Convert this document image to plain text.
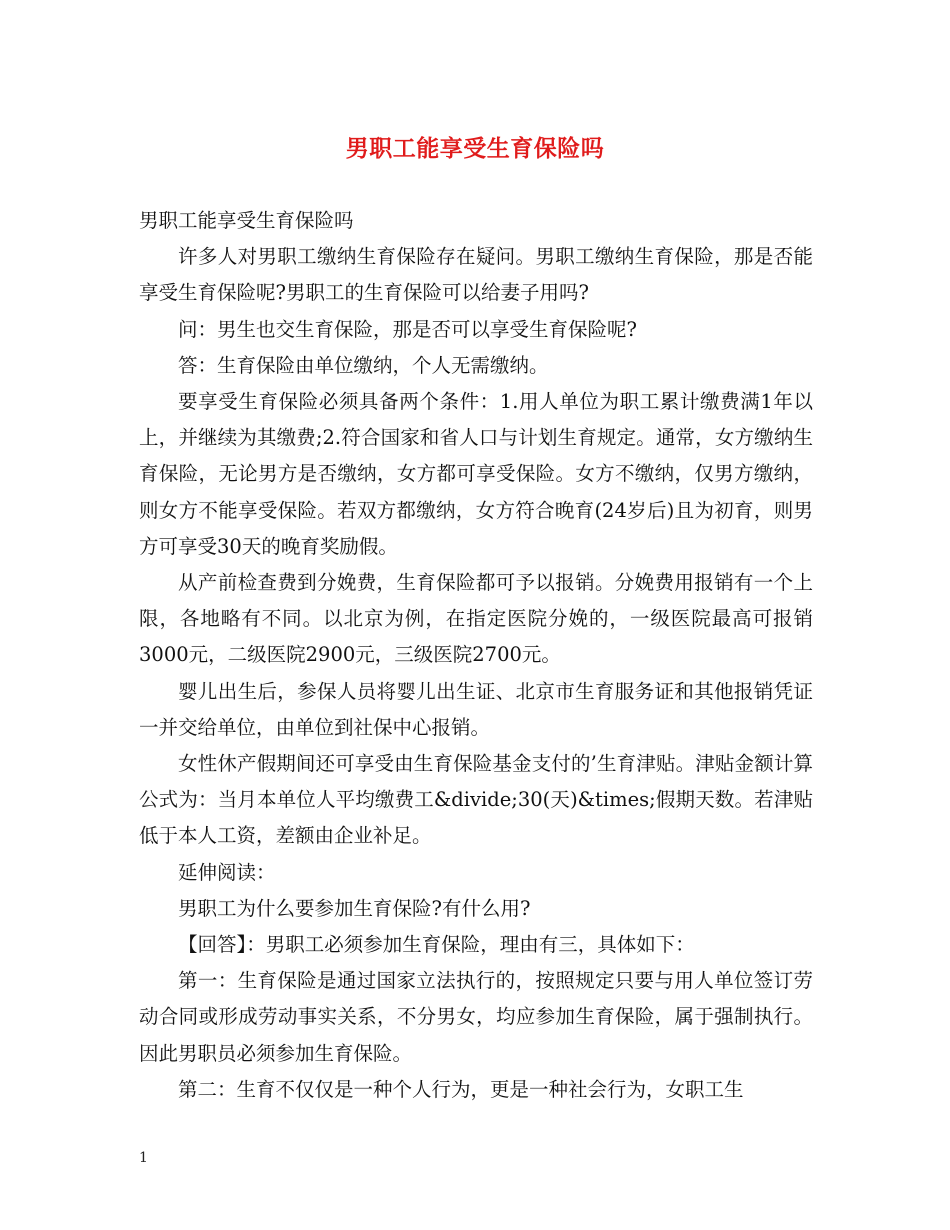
男职工能享受生育保险吗

男职工能享受生育保险吗

许多人对男职工缴纳生育保险存在疑问。男职工缴纳生育保险，那是否能享受生育保险呢?男职工的生育保险可以给妻子用吗?

问：男生也交生育保险，那是否可以享受生育保险呢?

答：生育保险由单位缴纳，个人无需缴纳。

要享受生育保险必须具备两个条件：1.用人单位为职工累计缴费满1年以上，并继续为其缴费;2.符合国家和省人口与计划生育规定。通常，女方缴纳生育保险，无论男方是否缴纳，女方都可享受保险。女方不缴纳，仅男方缴纳，则女方不能享受保险。若双方都缴纳，女方符合晚育(24岁后)且为初育，则男方可享受30天的晚育奖励假。

从产前检查费到分娩费，生育保险都可予以报销。分娩费用报销有一个上限，各地略有不同。以北京为例，在指定医院分娩的，一级医院最高可报销3000元，二级医院2900元，三级医院2700元。

婴儿出生后，参保人员将婴儿出生证、北京市生育服务证和其他报销凭证一并交给单位，由单位到社保中心报销。

女性休产假期间还可享受由生育保险基金支付的’生育津贴。津贴金额计算公式为：当月本单位人平均缴费工&divide;30(天)&times;假期天数。若津贴低于本人工资，差额由企业补足。

延伸阅读：

男职工为什么要参加生育保险?有什么用?

【回答】：男职工必须参加生育保险，理由有三，具体如下：

第一：生育保险是通过国家立法执行的，按照规定只要与用人单位签订劳动合同或形成劳动事实关系，不分男女，均应参加生育保险，属于强制执行。因此男职员必须参加生育保险。

第二：生育不仅仅是一种个人行为，更是一种社会行为，女职工生

1
